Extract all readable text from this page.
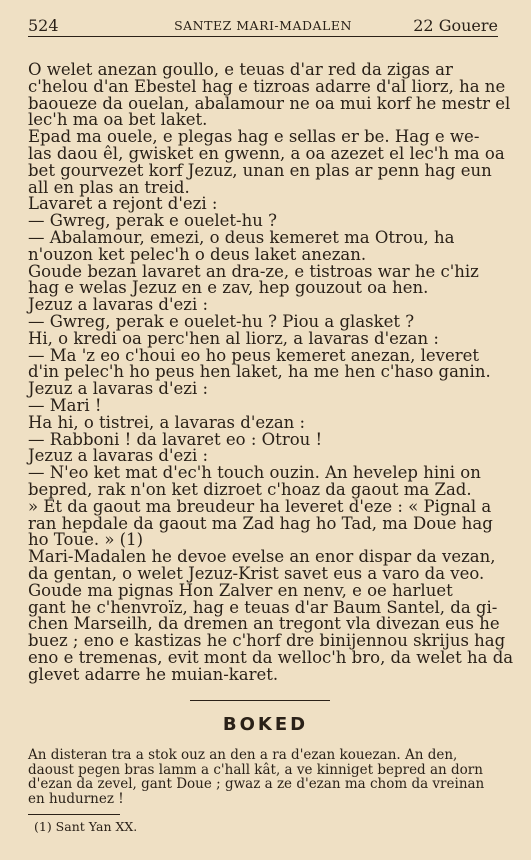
524	SANTEZ MARI-MADALEN	22 Gouere
O welet anezan goullo, e teuas d'ar red da zigas ar
c'helou d'an Ebestel hag e tizroas adarre d'al liorz, ha ne
baoueze da ouelan, abalamour ne oa mui korf he mestr el
lec'h ma oa bet laket.
Epad ma ouele, e plegas hag e sellas er be. Hag e we-
las daou êl, gwisket en gwenn, a oa azezet el lec'h ma oa
bet gourvezet korf Jezuz, unan en plas ar penn hag eun
all en plas an treid.
Lavaret a rejont d'ezi :
— Gwreg, perak e ouelet-hu ?
— Abalamour, emezi, o deus kemeret ma Otrou, ha
n'ouzon ket pelec'h o deus laket anezan.
Goude bezan lavaret an dra-ze, e tistroas war he c'hiz
hag e welas Jezuz en e zav, hep gouzout oa hen.
Jezuz a lavaras d'ezi :
— Gwreg, perak e ouelet-hu ? Piou a glasket ?
Hi, o kredi oa perc'hen al liorz, a lavaras d'ezan :
— Ma 'z eo c'houi eo ho peus kemeret anezan, leveret
d'in pelec'h ho peus hen laket, ha me hen c'haso ganin.
Jezuz a lavaras d'ezi :
— Mari !
Ha hi, o tistrei, a lavaras d'ezan :
— Rabboni ! da lavaret eo : Otrou !
Jezuz a lavaras d'ezi :
— N'eo ket mat d'ec'h touch ouzin. An hevelep hini on
bepred, rak n'on ket dizroet c'hoaz da gaout ma Zad.
» Et da gaout ma breudeur ha leveret d'eze : « Pignal a
ran hepdale da gaout ma Zad hag ho Tad, ma Doue hag
ho Toue. » (1)
Mari-Madalen he devoe evelse an enor dispar da vezan,
da gentan, o welet Jezuz-Krist savet eus a varo da veo.
Goude ma pignas Hon Zalver en nenv, e oe harluet
gant he c'henvroïz, hag e teuas d'ar Baum Santel, da gi-
chen Marseilh, da dremen an tregont vla divezan eus he
buez ; eno e kastizas he c'horf dre binijennou skrijus hag
eno e tremenas, evit mont da welloc'h bro, da welet ha da
glevet adarre he muian-karet.
BOKED
An disteran tra a stok ouz an den a ra d'ezan kouezan. An den,
daoust pegen bras lamm a c'hall kât, a ve kinniget bepred an dorn
d'ezan da zevel, gant Doue ; gwaz a ze d'ezan ma chom da vreinan
en hudurnez !
(1) Sant Yan XX.
